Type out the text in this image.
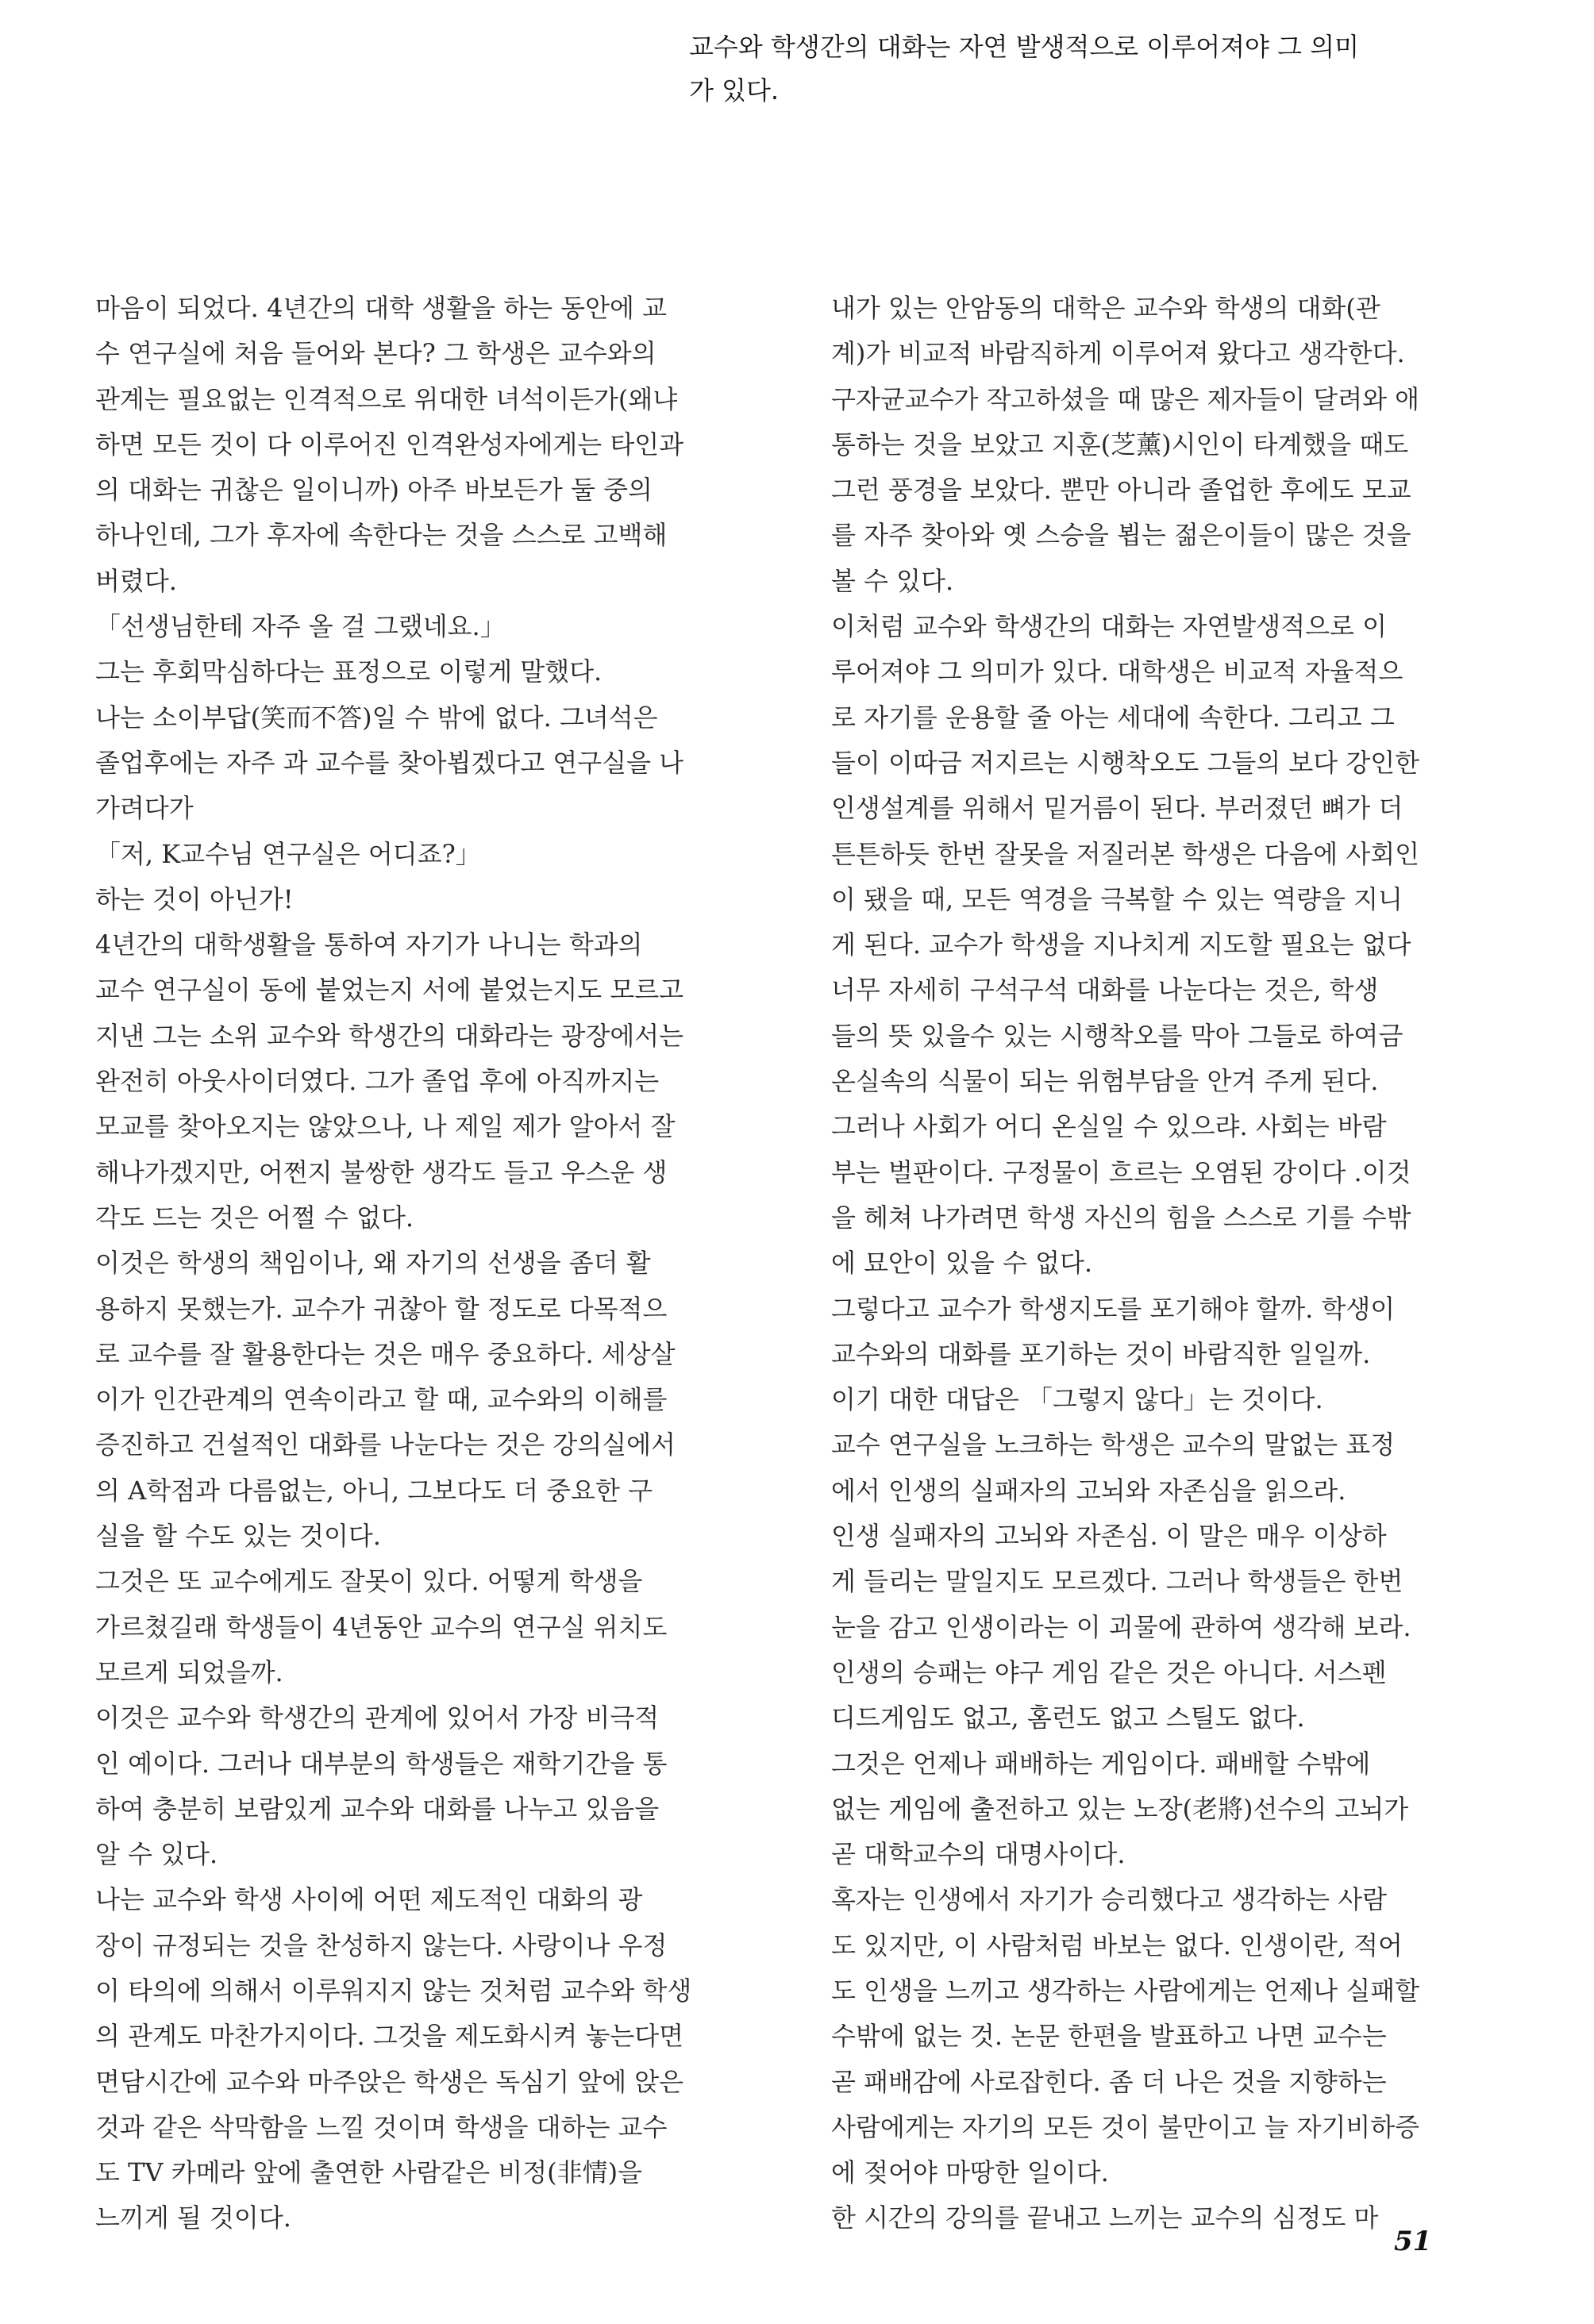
교수와 학생간의 대화는 자연 발생적으로 이루어져야 그 의미
가 있다.
마음이 되었다. 4년간의 대학 생활을 하는 동안에 교
수 연구실에 처음 들어와 본다? 그 학생은 교수와의
관계는 필요없는 인격적으로 위대한 녀석이든가(왜냐
하면 모든 것이 다 이루어진 인격완성자에게는 타인과
의 대화는 귀찮은 일이니까) 아주 바보든가 둘 중의
하나인데, 그가 후자에 속한다는 것을 스스로 고백해
버렸다.
「선생님한테 자주 올 걸 그랬네요.」
그는 후회막심하다는 표정으로 이렇게 말했다.
나는 소이부답(笑而不答)일 수 밖에 없다. 그녀석은
졸업후에는 자주 과 교수를 찾아뵙겠다고 연구실을 나
가려다가
「저, K교수님 연구실은 어디죠?」
하는 것이 아닌가!
4년간의 대학생활을 통하여 자기가 나니는 학과의
교수 연구실이 동에 붙었는지 서에 붙었는지도 모르고
지낸 그는 소위 교수와 학생간의 대화라는 광장에서는
완전히 아웃사이더였다. 그가 졸업 후에 아직까지는
모교를 찾아오지는 않았으나, 나 제일 제가 알아서 잘
해나가겠지만, 어쩐지 불쌍한 생각도 들고 우스운 생
각도 드는 것은 어쩔 수 없다.
이것은 학생의 책임이나, 왜 자기의 선생을 좀더 활
용하지 못했는가. 교수가 귀찮아 할 정도로 다목적으
로 교수를 잘 활용한다는 것은 매우 중요하다. 세상살
이가 인간관계의 연속이라고 할 때, 교수와의 이해를
증진하고 건설적인 대화를 나눈다는 것은 강의실에서
의 A학점과 다름없는, 아니, 그보다도 더 중요한 구
실을 할 수도 있는 것이다.
그것은 또 교수에게도 잘못이 있다. 어떻게 학생을
가르쳤길래 학생들이 4년동안 교수의 연구실 위치도
모르게 되었을까.
이것은 교수와 학생간의 관계에 있어서 가장 비극적
인 예이다. 그러나 대부분의 학생들은 재학기간을 통
하여 충분히 보람있게 교수와 대화를 나누고 있음을
알 수 있다.
나는 교수와 학생 사이에 어떤 제도적인 대화의 광
장이 규정되는 것을 찬성하지 않는다. 사랑이나 우정
이 타의에 의해서 이루워지지 않는 것처럼 교수와 학생
의 관계도 마찬가지이다. 그것을 제도화시켜 놓는다면
면담시간에 교수와 마주앉은 학생은 독심기 앞에 앉은
것과 같은 삭막함을 느낄 것이며 학생을 대하는 교수
도 TV 카메라 앞에 출연한 사람같은 비정(非情)을
느끼게 될 것이다.
내가 있는 안암동의 대학은 교수와 학생의 대화(관
계)가 비교적 바람직하게 이루어져 왔다고 생각한다.
구자균교수가 작고하셨을 때 많은 제자들이 달려와 애
통하는 것을 보았고 지훈(芝薰)시인이 타계했을 때도
그런 풍경을 보았다. 뿐만 아니라 졸업한 후에도 모교
를 자주 찾아와 옛 스승을 뵙는 젊은이들이 많은 것을
볼 수 있다.
이처럼 교수와 학생간의 대화는 자연발생적으로 이
루어져야 그 의미가 있다. 대학생은 비교적 자율적으
로 자기를 운용할 줄 아는 세대에 속한다. 그리고 그
들이 이따금 저지르는 시행착오도 그들의 보다 강인한
인생설계를 위해서 밑거름이 된다. 부러졌던 뼈가 더
튼튼하듯 한번 잘못을 저질러본 학생은 다음에 사회인
이 됐을 때, 모든 역경을 극복할 수 있는 역량을 지니
게 된다. 교수가 학생을 지나치게 지도할 필요는 없다
너무 자세히 구석구석 대화를 나눈다는 것은, 학생
들의 뜻 있을수 있는 시행착오를 막아 그들로 하여금
온실속의 식물이 되는 위험부담을 안겨 주게 된다.
그러나 사회가 어디 온실일 수 있으랴. 사회는 바람
부는 벌판이다. 구정물이 흐르는 오염된 강이다 .이것
을 헤쳐 나가려면 학생 자신의 힘을 스스로 기를 수밖
에 묘안이 있을 수 없다.
그렇다고 교수가 학생지도를 포기해야 할까. 학생이
교수와의 대화를 포기하는 것이 바람직한 일일까.
이기 대한 대답은 「그렇지 않다」는 것이다.
교수 연구실을 노크하는 학생은 교수의 말없는 표정
에서 인생의 실패자의 고뇌와 자존심을 읽으라.
인생 실패자의 고뇌와 자존심. 이 말은 매우 이상하
게 들리는 말일지도 모르겠다. 그러나 학생들은 한번
눈을 감고 인생이라는 이 괴물에 관하여 생각해 보라.
인생의 승패는 야구 게임 같은 것은 아니다. 서스펜
디드게임도 없고, 홈런도 없고 스틸도 없다.
그것은 언제나 패배하는 게임이다. 패배할 수밖에
없는 게임에 출전하고 있는 노장(老將)선수의 고뇌가
곧 대학교수의 대명사이다.
혹자는 인생에서 자기가 승리했다고 생각하는 사람
도 있지만, 이 사람처럼 바보는 없다. 인생이란, 적어
도 인생을 느끼고 생각하는 사람에게는 언제나 실패할
수밖에 없는 것. 논문 한편을 발표하고 나면 교수는
곧 패배감에 사로잡힌다. 좀 더 나은 것을 지향하는
사람에게는 자기의 모든 것이 불만이고 늘 자기비하증
에 젖어야 마땅한 일이다.
한 시간의 강의를 끝내고 느끼는 교수의 심정도 마
51
